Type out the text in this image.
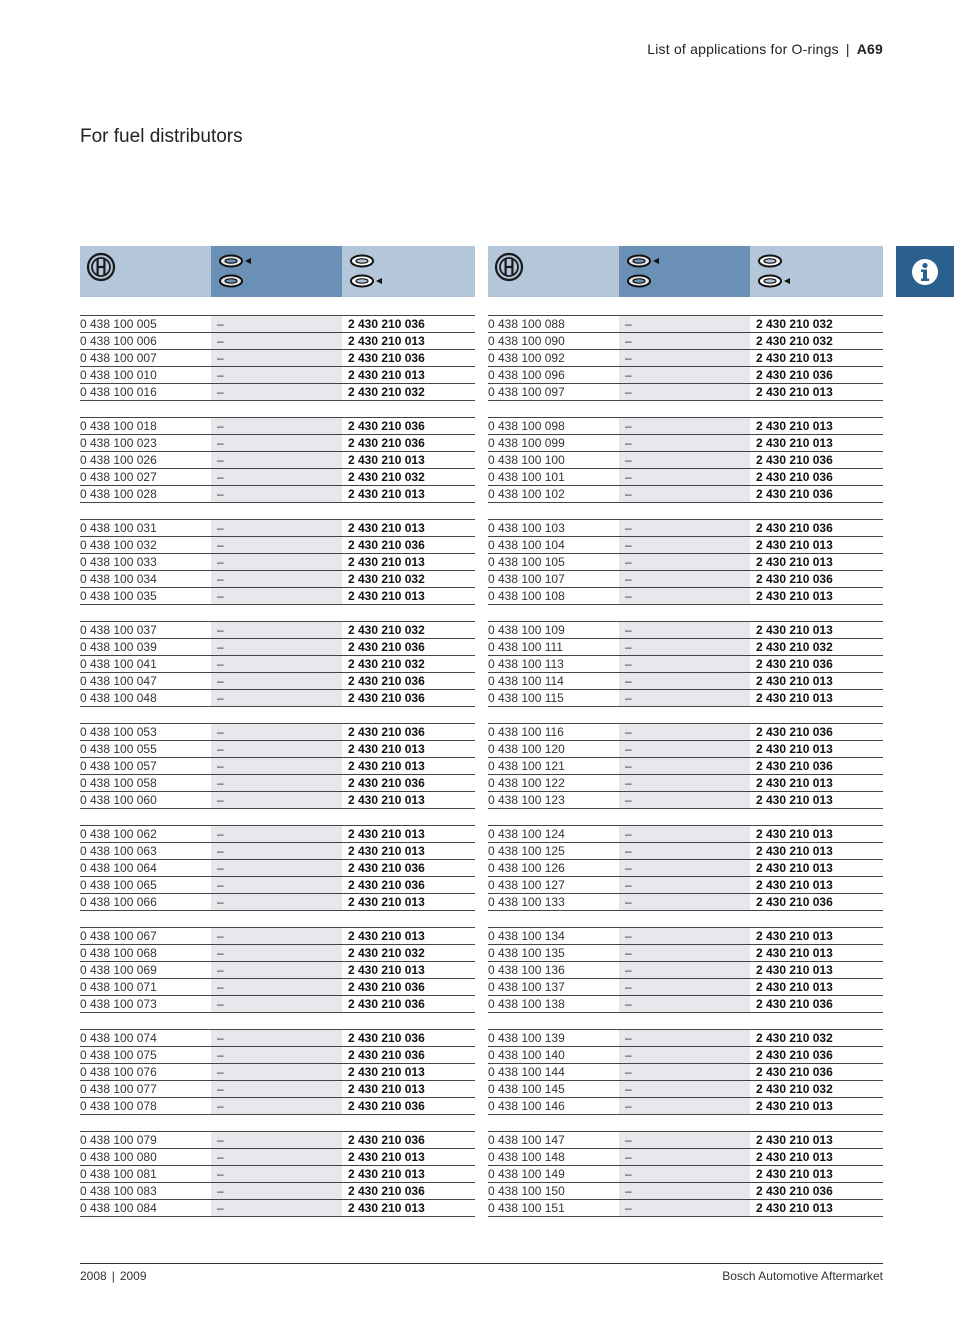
List of applications for O-rings | A69
For fuel distributors
0 438 100 005	–	2 430 210 036
0 438 100 006	–	2 430 210 013
0 438 100 007	–	2 430 210 036
0 438 100 010	–	2 430 210 013
0 438 100 016	–	2 430 210 032
0 438 100 018	–	2 430 210 036
0 438 100 023	–	2 430 210 036
0 438 100 026	–	2 430 210 013
0 438 100 027	–	2 430 210 032
0 438 100 028	–	2 430 210 013
0 438 100 031	–	2 430 210 013
0 438 100 032	–	2 430 210 036
0 438 100 033	–	2 430 210 013
0 438 100 034	–	2 430 210 032
0 438 100 035	–	2 430 210 013
0 438 100 037	–	2 430 210 032
0 438 100 039	–	2 430 210 036
0 438 100 041	–	2 430 210 032
0 438 100 047	–	2 430 210 036
0 438 100 048	–	2 430 210 036
0 438 100 053	–	2 430 210 036
0 438 100 055	–	2 430 210 013
0 438 100 057	–	2 430 210 013
0 438 100 058	–	2 430 210 036
0 438 100 060	–	2 430 210 013
0 438 100 062	–	2 430 210 013
0 438 100 063	–	2 430 210 013
0 438 100 064	–	2 430 210 036
0 438 100 065	–	2 430 210 036
0 438 100 066	–	2 430 210 013
0 438 100 067	–	2 430 210 013
0 438 100 068	–	2 430 210 032
0 438 100 069	–	2 430 210 013
0 438 100 071	–	2 430 210 036
0 438 100 073	–	2 430 210 036
0 438 100 074	–	2 430 210 036
0 438 100 075	–	2 430 210 036
0 438 100 076	–	2 430 210 013
0 438 100 077	–	2 430 210 013
0 438 100 078	–	2 430 210 036
0 438 100 079	–	2 430 210 036
0 438 100 080	–	2 430 210 013
0 438 100 081	–	2 430 210 013
0 438 100 083	–	2 430 210 036
0 438 100 084	–	2 430 210 013
0 438 100 088	–	2 430 210 032
0 438 100 090	–	2 430 210 032
0 438 100 092	–	2 430 210 013
0 438 100 096	–	2 430 210 036
0 438 100 097	–	2 430 210 013
0 438 100 098	–	2 430 210 013
0 438 100 099	–	2 430 210 013
0 438 100 100	–	2 430 210 036
0 438 100 101	–	2 430 210 036
0 438 100 102	–	2 430 210 036
0 438 100 103	–	2 430 210 036
0 438 100 104	–	2 430 210 013
0 438 100 105	–	2 430 210 013
0 438 100 107	–	2 430 210 036
0 438 100 108	–	2 430 210 013
0 438 100 109	–	2 430 210 013
0 438 100 111	–	2 430 210 032
0 438 100 113	–	2 430 210 036
0 438 100 114	–	2 430 210 013
0 438 100 115	–	2 430 210 013
0 438 100 116	–	2 430 210 036
0 438 100 120	–	2 430 210 013
0 438 100 121	–	2 430 210 036
0 438 100 122	–	2 430 210 013
0 438 100 123	–	2 430 210 013
0 438 100 124	–	2 430 210 013
0 438 100 125	–	2 430 210 013
0 438 100 126	–	2 430 210 013
0 438 100 127	–	2 430 210 013
0 438 100 133	–	2 430 210 036
0 438 100 134	–	2 430 210 013
0 438 100 135	–	2 430 210 013
0 438 100 136	–	2 430 210 013
0 438 100 137	–	2 430 210 013
0 438 100 138	–	2 430 210 036
0 438 100 139	–	2 430 210 032
0 438 100 140	–	2 430 210 036
0 438 100 144	–	2 430 210 036
0 438 100 145	–	2 430 210 032
0 438 100 146	–	2 430 210 013
0 438 100 147	–	2 430 210 013
0 438 100 148	–	2 430 210 013
0 438 100 149	–	2 430 210 013
0 438 100 150	–	2 430 210 036
0 438 100 151	–	2 430 210 013
2008 | 2009	Bosch Automotive Aftermarket
